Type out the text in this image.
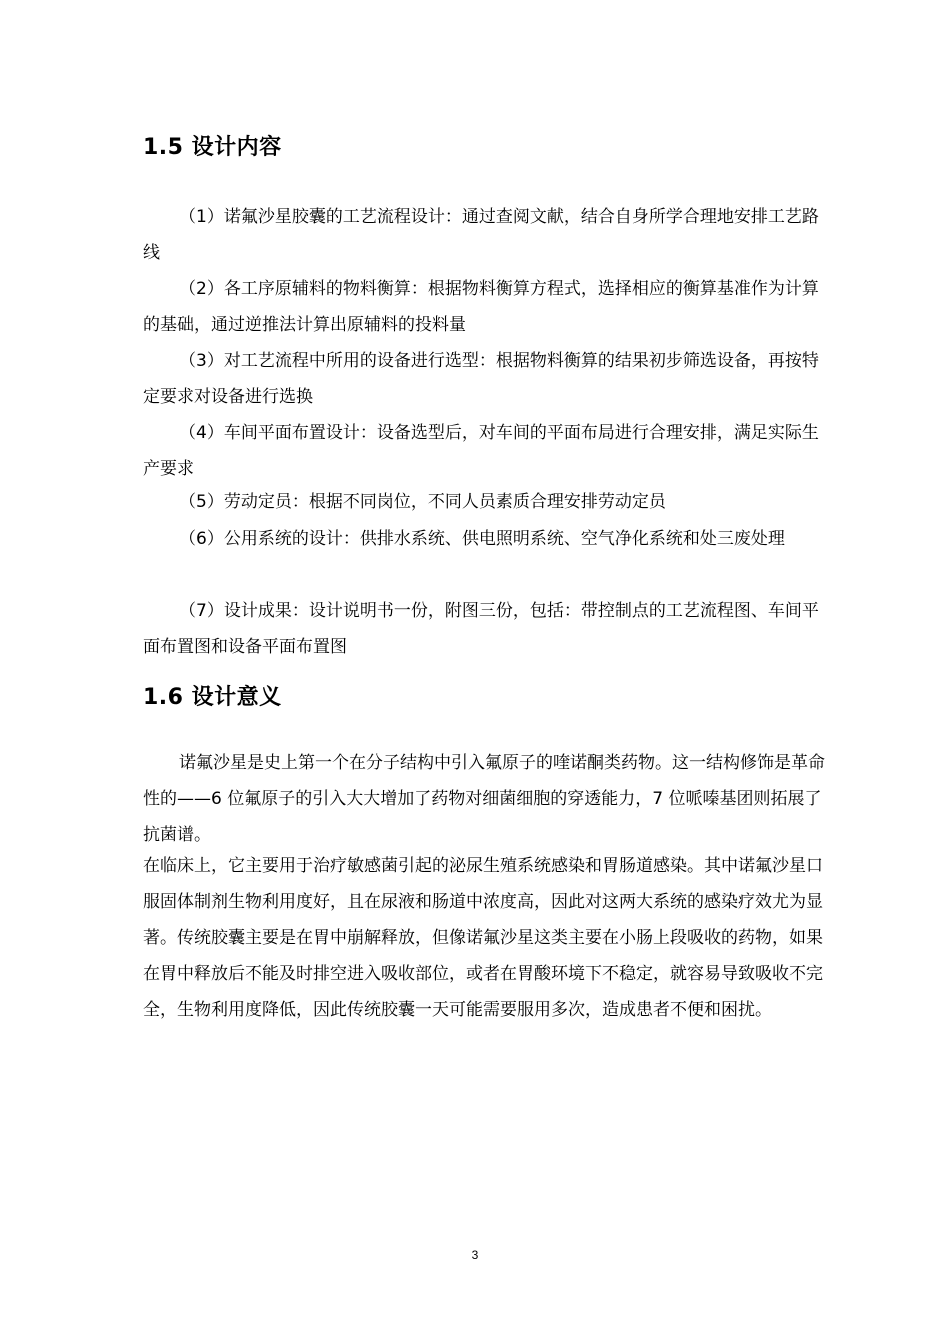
1.5 设计内容

（1）诺氟沙星胶囊的工艺流程设计：通过查阅文献，结合自身所学合理地安排工艺路线

（2）各工序原辅料的物料衡算：根据物料衡算方程式，选择相应的衡算基准作为计算的基础，通过逆推法计算出原辅料的投料量

（3）对工艺流程中所用的设备进行选型：根据物料衡算的结果初步筛选设备，再按特定要求对设备进行选换

（4）车间平面布置设计：设备选型后，对车间的平面布局进行合理安排，满足实际生产要求

（5）劳动定员：根据不同岗位，不同人员素质合理安排劳动定员

（6）公用系统的设计：供排水系统、供电照明系统、空气净化系统和处三废处理

（7）设计成果：设计说明书一份，附图三份，包括：带控制点的工艺流程图、车间平面布置图和设备平面布置图

1.6 设计意义

诺氟沙星是史上第一个在分子结构中引入氟原子的喹诺酮类药物。这一结构修饰是革命性的——6 位氟原子的引入大大增加了药物对细菌细胞的穿透能力，7 位哌嗪基团则拓展了抗菌谱。

在临床上，它主要用于治疗敏感菌引起的泌尿生殖系统感染和胃肠道感染。其中诺氟沙星口服固体制剂生物利用度好，且在尿液和肠道中浓度高，因此对这两大系统的感染疗效尤为显著。传统胶囊主要是在胃中崩解释放，但像诺氟沙星这类主要在小肠上段吸收的药物，如果在胃中释放后不能及时排空进入吸收部位，或者在胃酸环境下不稳定，就容易导致吸收不完全，生物利用度降低，因此传统胶囊一天可能需要服用多次，造成患者不便和困扰。

3
